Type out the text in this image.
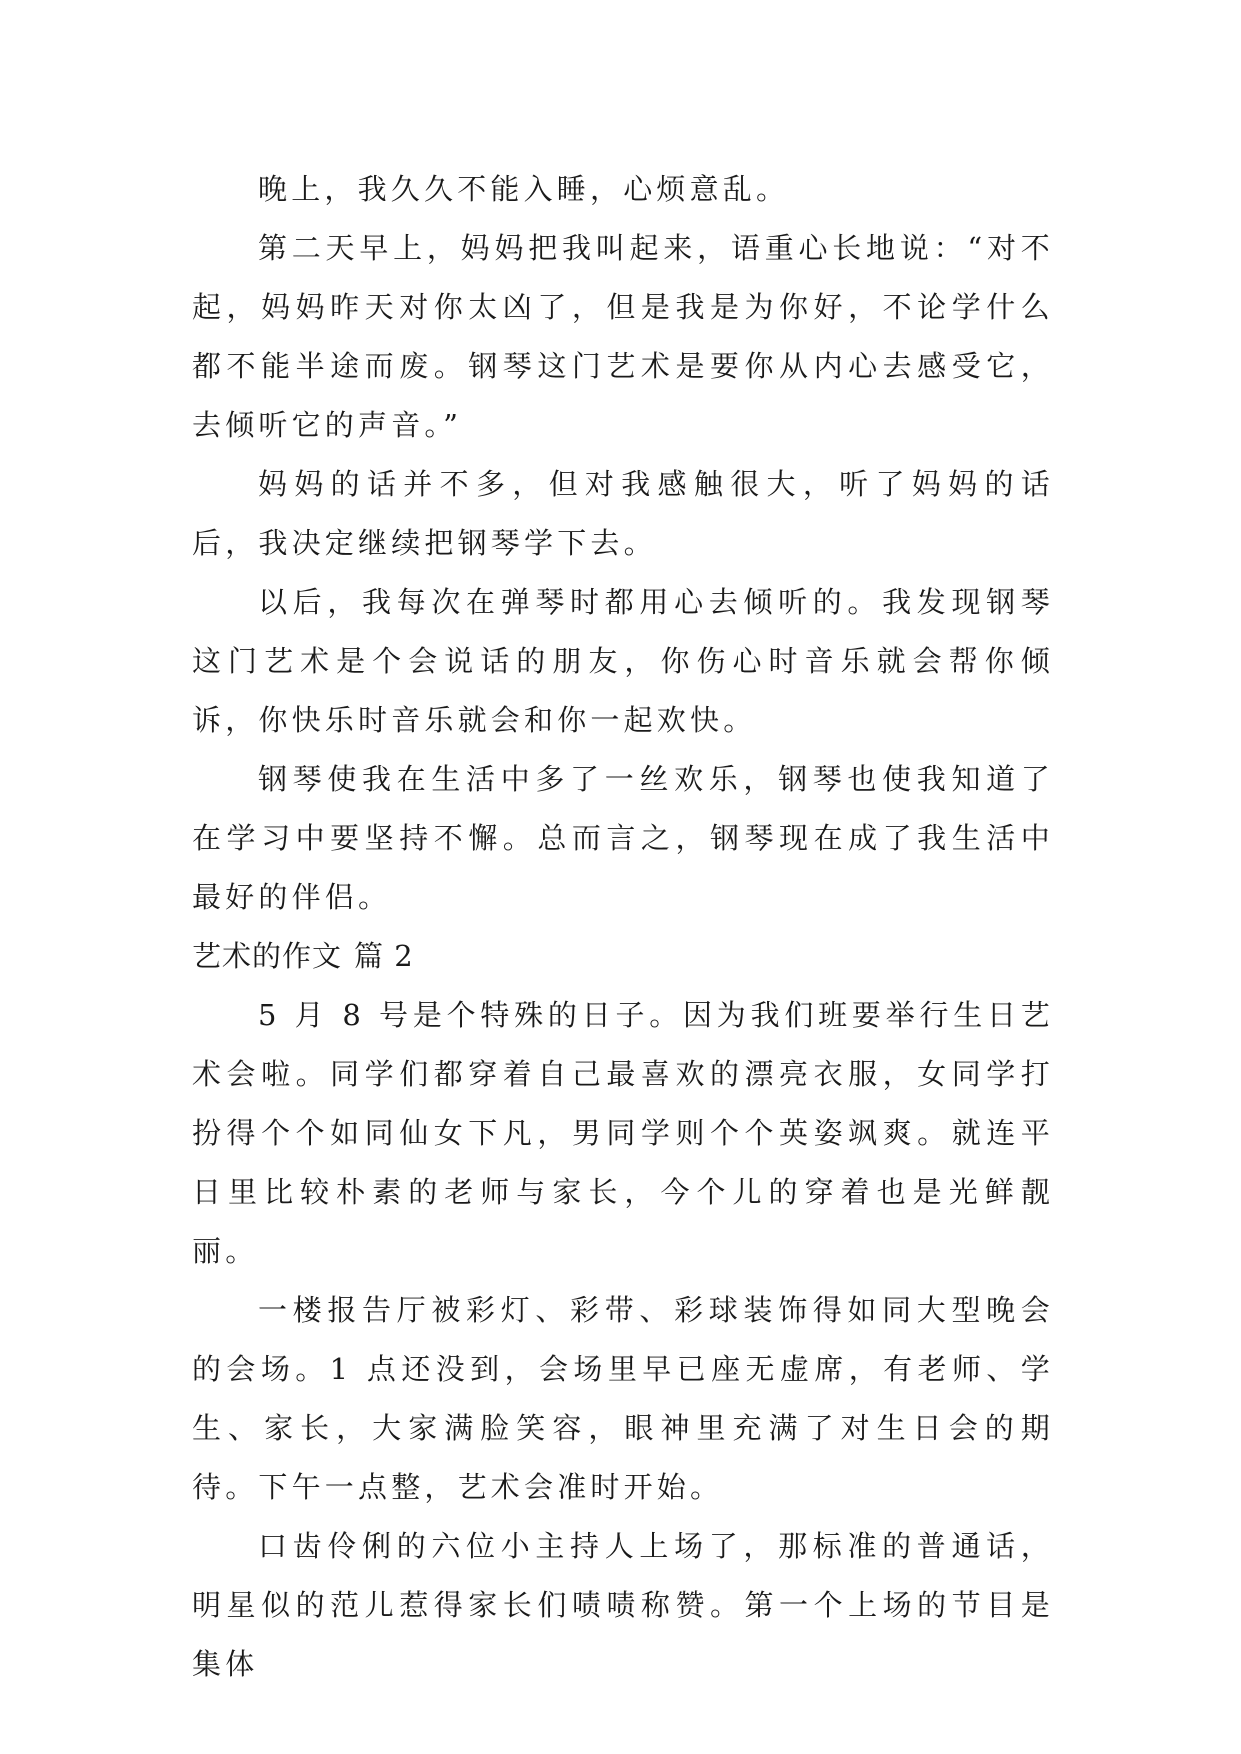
晚上，我久久不能入睡，心烦意乱。

第二天早上，妈妈把我叫起来，语重心长地说：“对不起，妈妈昨天对你太凶了，但是我是为你好，不论学什么都不能半途而废。钢琴这门艺术是要你从内心去感受它，去倾听它的声音。”

妈妈的话并不多，但对我感触很大，听了妈妈的话后，我决定继续把钢琴学下去。

以后，我每次在弹琴时都用心去倾听的。我发现钢琴这门艺术是个会说话的朋友，你伤心时音乐就会帮你倾诉，你快乐时音乐就会和你一起欢快。

钢琴使我在生活中多了一丝欢乐，钢琴也使我知道了在学习中要坚持不懈。总而言之，钢琴现在成了我生活中最好的伴侣。

艺术的作文 篇 2

5 月 8 号是个特殊的日子。因为我们班要举行生日艺术会啦。同学们都穿着自己最喜欢的漂亮衣服，女同学打扮得个个如同仙女下凡，男同学则个个英姿飒爽。就连平日里比较朴素的老师与家长，今个儿的穿着也是光鲜靓丽。

一楼报告厅被彩灯、彩带、彩球装饰得如同大型晚会的会场。1 点还没到，会场里早已座无虚席，有老师、学生、家长，大家满脸笑容，眼神里充满了对生日会的期待。下午一点整，艺术会准时开始。

口齿伶俐的六位小主持人上场了，那标准的普通话，明星似的范儿惹得家长们啧啧称赞。第一个上场的节目是集体
